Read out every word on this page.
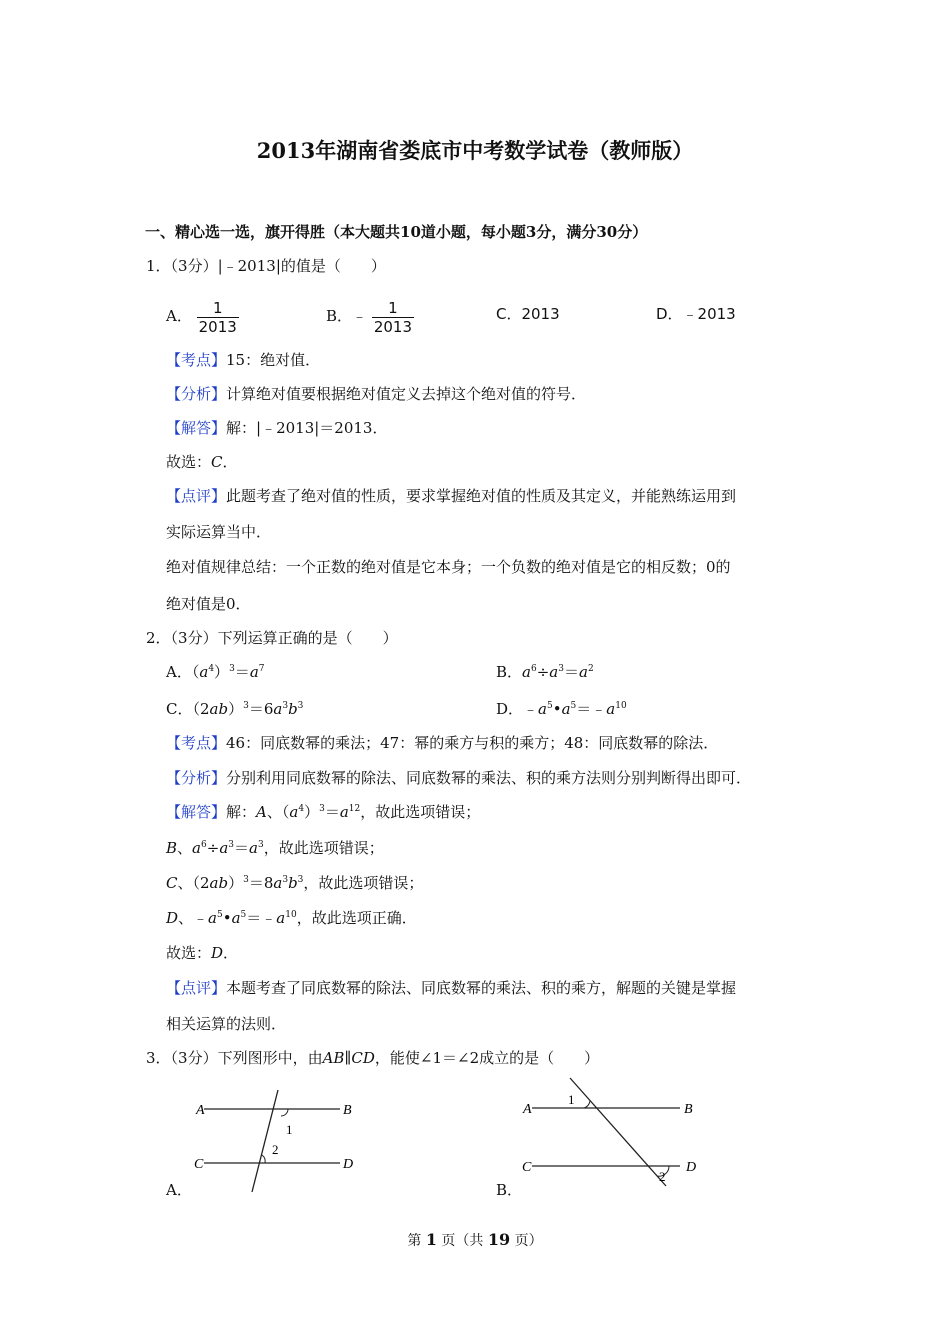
2013年湖南省娄底市中考数学试卷（教师版）
一、精心选一选，旗开得胜（本大题共10道小题，每小题3分，满分30分）
1．（3分）|﹣2013|的值是（　　）
A． $\frac{1}{2013}$	B．﹣ $\frac{1}{2013}$	C．2013	D．﹣2013
【考点】15：绝对值．
【分析】计算绝对值要根据绝对值定义去掉这个绝对值的符号．
【解答】解：|﹣2013|＝2013．
故选：C．
【点评】此题考查了绝对值的性质，要求掌握绝对值的性质及其定义，并能熟练运用到
实际运算当中．
绝对值规律总结：一个正数的绝对值是它本身；一个负数的绝对值是它的相反数；0的
绝对值是0．
2．（3分）下列运算正确的是（　　）
A．$(a^4)^3=a^7$	B．$a^6\div a^3=a^2$
C．$(2ab)^3=6a^3b^3$	D．$﹣a^5•a^5=﹣a^{10}$
【考点】46：同底数幂的乘法；47：幂的乘方与积的乘方；48：同底数幂的除法．
【分析】分别利用同底数幂的除法、同底数幂的乘法、积的乘方法则分别判断得出即可．
【解答】解：A、$(a^4)^3=a^{12}$，故此选项错误；
B、$a^6\div a^3=a^3$，故此选项错误；
C、$(2ab)^3=8a^3b^3$，故此选项错误；
D、$﹣a^5•a^5=﹣a^{10}$，故此选项正确．
故选：D．
【点评】本题考查了同底数幂的除法、同底数幂的乘法、积的乘方，解题的关键是掌握
相关运算的法则．
3．（3分）下列图形中，由AB∥CD，能使∠1＝∠2成立的是（　　）
A	B
C	D
1
2
A．
A	B
C	D
1
2
B．
第 1 页（共 19 页）
